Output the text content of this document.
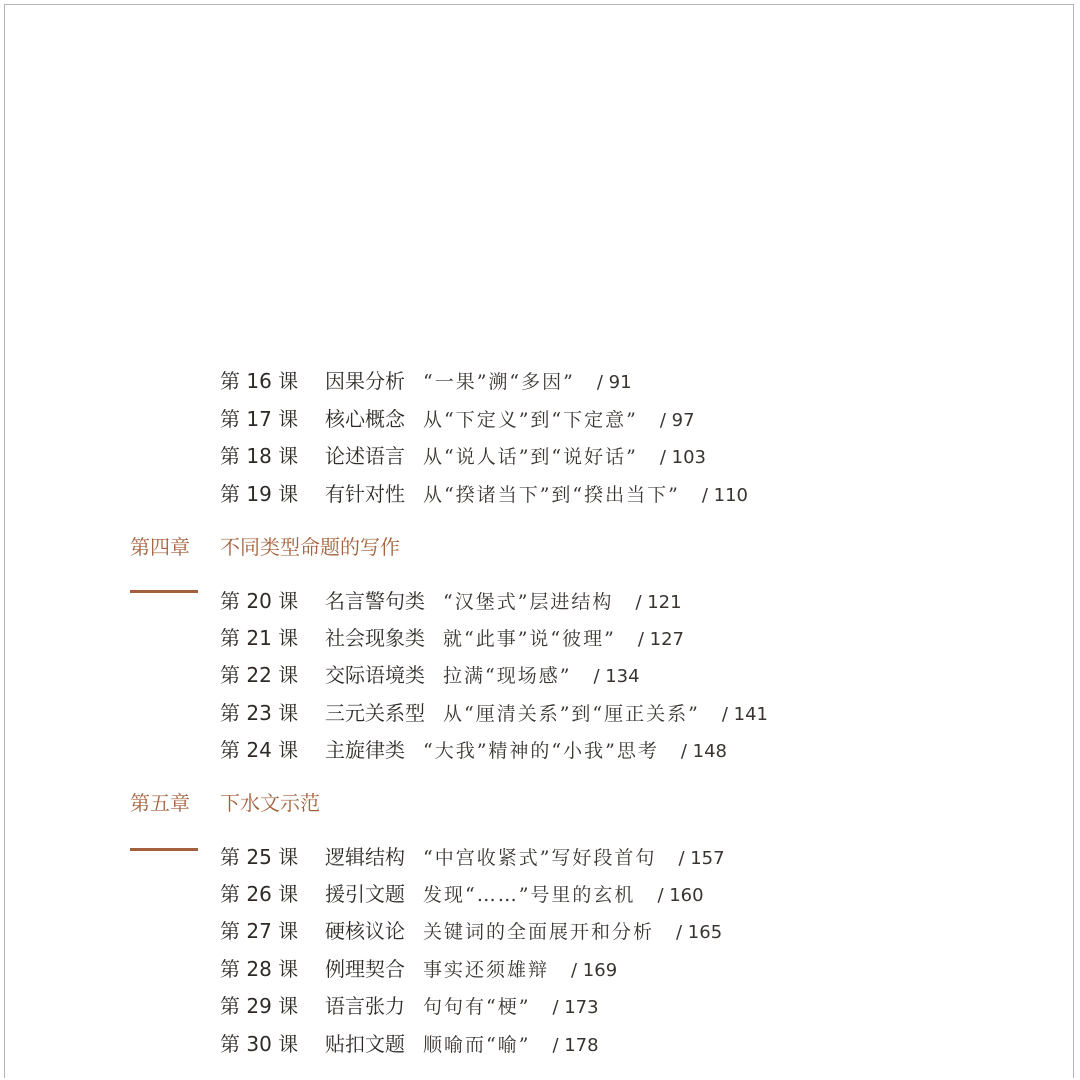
第 16 课 因果分析 “一果”溯“多因” / 91
第 17 课 核心概念 从“下定义”到“下定意” / 97
第 18 课 论述语言 从“说人话”到“说好话” / 103
第 19 课 有针对性 从“揆诸当下”到“揆出当下” / 110
第四章 不同类型命题的写作
第 20 课 名言警句类 “汉堡式”层进结构 / 121
第 21 课 社会现象类 就“此事”说“彼理” / 127
第 22 课 交际语境类 拉满“现场感” / 134
第 23 课 三元关系型 从“厘清关系”到“厘正关系” / 141
第 24 课 主旋律类 “大我”精神的“小我”思考 / 148
第五章 下水文示范
第 25 课 逻辑结构 “中宫收紧式”写好段首句 / 157
第 26 课 援引文题 发现“……”号里的玄机 / 160
第 27 课 硬核议论 关键词的全面展开和分析 / 165
第 28 课 例理契合 事实还须雄辩 / 169
第 29 课 语言张力 句句有“梗” / 173
第 30 课 贴扣文题 顺喻而“喻” / 178
